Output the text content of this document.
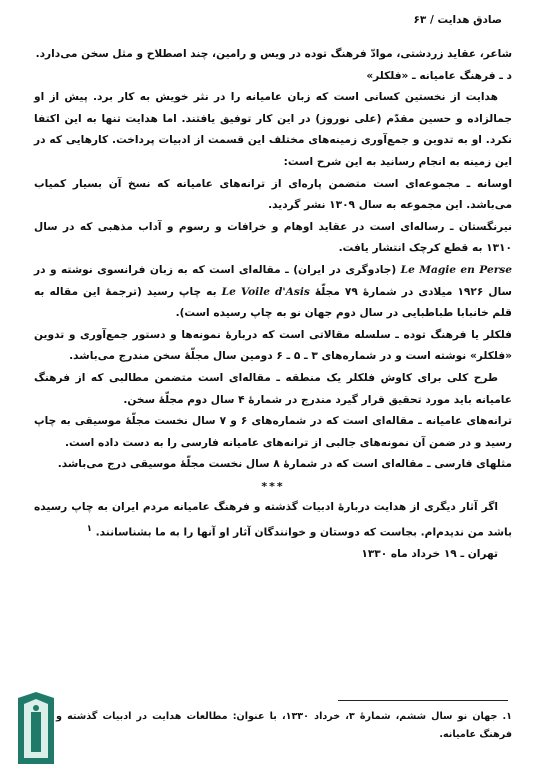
صادق هدایت / ۶۳

شاعر، عقاید زردشتی، موادّ فرهنگ توده در ویس و رامین، چند اصطلاح و مثل سخن می‌دارد.

د ـ فرهنگ عامیانه ـ «فلکلر»

هدایت از نخستین کسانی است که زبان عامیانه را در نثر خویش به کار برد. پیش از او جمالزاده و حسین مقدّم (علی نوروز) در این کار توفیق یافتند. اما هدایت تنها به این اکتفا نکرد. او به تدوین و جمع‌آوری زمینه‌های مختلف این قسمت از ادبیات پرداخت. کارهایی که در این زمینه به انجام رسانید به این شرح است:

اوسانه ـ مجموعه‌ای است متضمن پاره‌ای از ترانه‌های عامیانه که نسخ آن بسیار کمیاب می‌باشد. این مجموعه به سال ۱۳۰۹ نشر گردید.

نیرنگستان ـ رساله‌ای است در عقاید اوهام و خرافات و رسوم و آداب مذهبی که در سال ۱۳۱۰ به قطع کرچک انتشار یافت.

Le Magie en Perse (جادوگری در ایران) ـ مقاله‌ای است که به زبان فرانسوی نوشته و در سال ۱۹۲۶ میلادی در شمارۀ ۷۹ مجلّۀ Le Voile d'Asis به چاپ رسید (ترجمۀ این مقاله به قلم خانبابا طباطبایی در سال دوم جهان نو به چاپ رسیده است).

فلکلر یا فرهنگ توده ـ سلسله مقالاتی است که دربارۀ نمونه‌ها و دستور جمع‌آوری و تدوین «فلکلر» نوشته است و در شماره‌های ۳ ـ ۵ ـ ۶ دومین سال مجلّۀ سخن مندرج می‌باشد.

طرح کلی برای کاوش فلکلر یک منطقه ـ مقاله‌ای است متضمن مطالبی که از فرهنگ عامیانه باید مورد تحقیق قرار گیرد مندرج در شمارۀ ۴ سال دوم مجلّۀ سخن.

ترانه‌های عامیانه ـ مقاله‌ای است که در شماره‌های ۶ و ۷ سال نخست مجلّۀ موسیقی به چاپ رسید و در ضمن آن نمونه‌های جالبی از ترانه‌های عامیانه فارسی را به دست داده است.

مثلهای فارسی ـ مقاله‌ای است که در شمارۀ ۸ سال نخست مجلّۀ موسیقی درج می‌باشد.

***

اگر آثار دیگری از هدایت دربارۀ ادبیات گذشته و فرهنگ عامیانه مردم ایران به چاپ رسیده باشد من ندیدم‌ام. بجاست که دوستان و خوانندگان آثار او آنها را به ما بشناسانند. $^۱$

تهران ـ ۱۹ خرداد ماه ۱۳۳۰

۱. جهان نو سال ششم، شمارۀ ۳، خرداد ۱۳۳۰، با عنوان: مطالعات هدایت در ادبیات گذشته و فرهنگ عامیانه.
